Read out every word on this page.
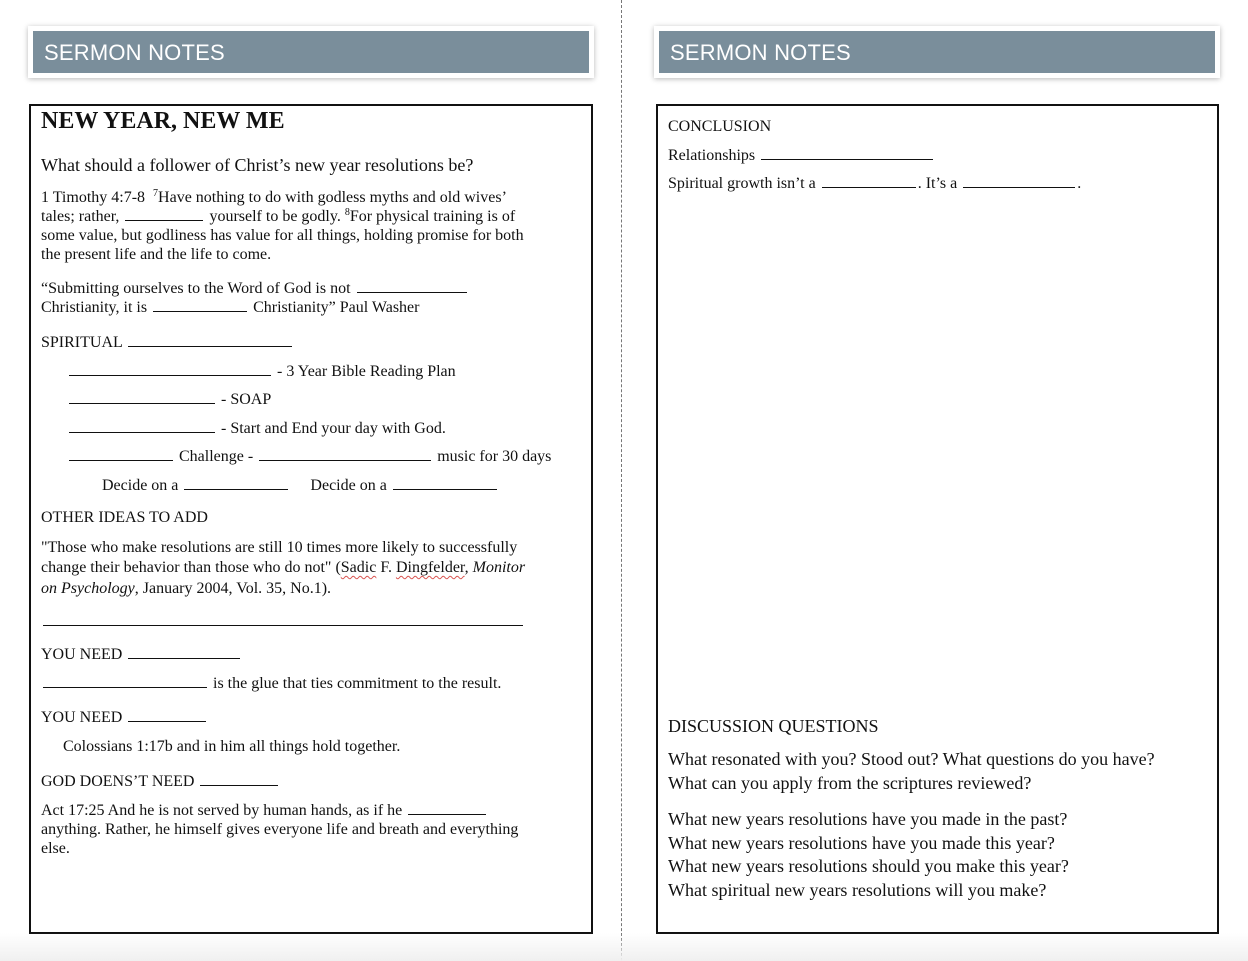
SERMON NOTES
NEW YEAR, NEW ME
What should a follower of Christ’s new year resolutions be?
1 Timothy 4:7-8 $^7$Have nothing to do with godless myths and old wives’
tales; rather,	yourself to be godly. $^8$For physical training is of
some value, but godliness has value for all things, holding promise for both
the present life and the life to come.
“Submitting ourselves to the Word of God is not
Christianity, it is	Christianity” Paul Washer
SPIRITUAL
- 3 Year Bible Reading Plan
- SOAP
- Start and End your day with God.
Challenge -	music for 30 days
Decide on a	Decide on a
OTHER IDEAS TO ADD
"Those who make resolutions are still 10 times more likely to successfully
change their behavior than those who do not" (Sadic F. Dingfelder, Monitor
on Psychology, January 2004, Vol. 35, No.1).
YOU NEED
is the glue that ties commitment to the result.
YOU NEED
Colossians 1:17b and in him all things hold together.
GOD DOENS’T NEED
Act 17:25 And he is not served by human hands, as if he
anything. Rather, he himself gives everyone life and breath and everything
else.
SERMON NOTES
CONCLUSION
Relationships
Spiritual growth isn’t a	. It’s a	.
DISCUSSION QUESTIONS
What resonated with you? Stood out? What questions do you have?
What can you apply from the scriptures reviewed?
What new years resolutions have you made in the past?
What new years resolutions have you made this year?
What new years resolutions should you make this year?
What spiritual new years resolutions will you make?
